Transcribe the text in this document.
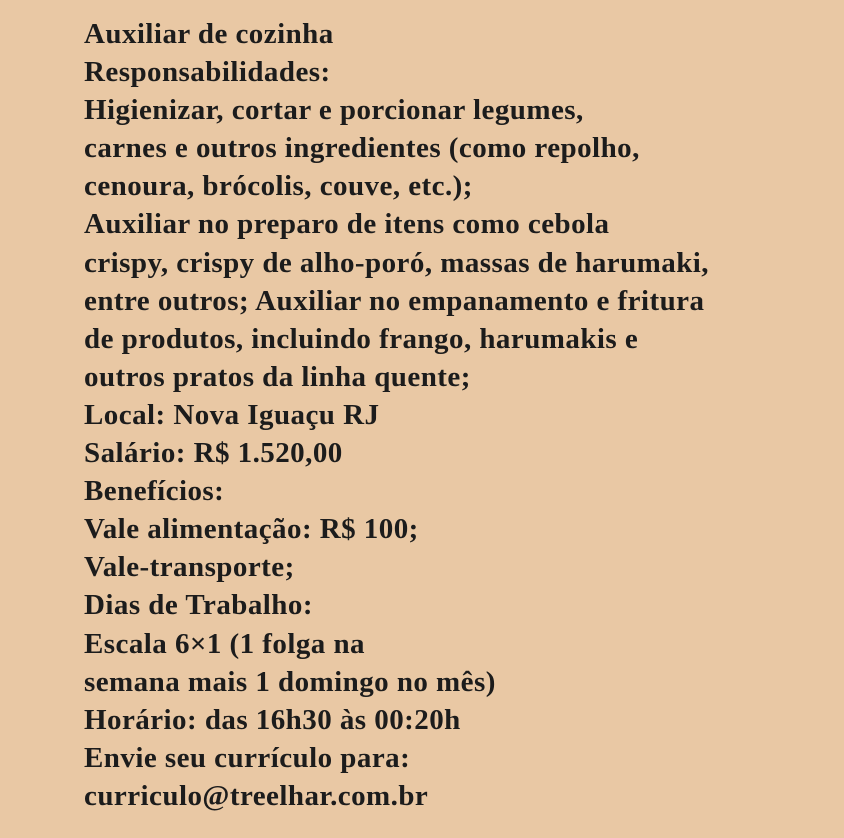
Auxiliar de cozinha
Responsabilidades:
Higienizar, cortar e porcionar legumes,
carnes e outros ingredientes (como repolho,
cenoura, brócolis, couve, etc.);
Auxiliar no preparo de itens como cebola
crispy, crispy de alho-poró, massas de harumaki,
entre outros; Auxiliar no empanamento e fritura
de produtos, incluindo frango, harumakis e
outros pratos da linha quente;
Local: Nova Iguaçu RJ
Salário: R$ 1.520,00
Benefícios:
Vale alimentação: R$ 100;
Vale-transporte;
Dias de Trabalho:
Escala 6×1 (1 folga na
semana mais 1 domingo no mês)
Horário: das 16h30 às 00:20h
Envie seu currículo para:
curriculo@treelhar.com.br
